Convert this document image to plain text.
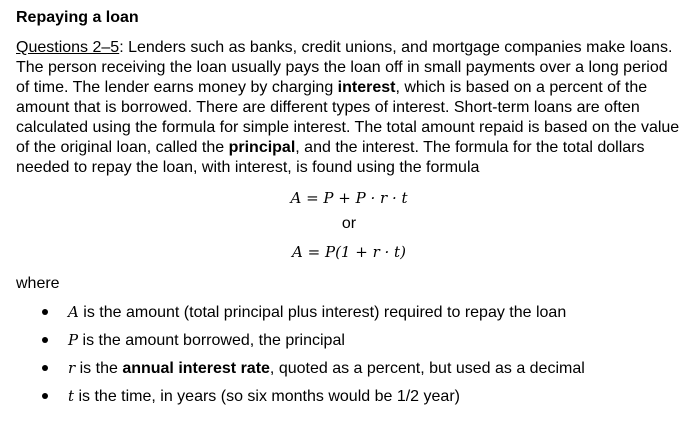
Repaying a loan

Questions 2–5: Lenders such as banks, credit unions, and mortgage companies make loans. The person receiving the loan usually pays the loan off in small payments over a long period of time. The lender earns money by charging interest, which is based on a percent of the amount that is borrowed. There are different types of interest. Short-term loans are often calculated using the formula for simple interest. The total amount repaid is based on the value of the original loan, called the principal, and the interest. The formula for the total dollars needed to repay the loan, with interest, is found using the formula

A = P + P · r · t

or

A = P(1 + r · t)

where

A is the amount (total principal plus interest) required to repay the loan
P is the amount borrowed, the principal
r is the annual interest rate, quoted as a percent, but used as a decimal
t is the time, in years (so six months would be 1/2 year)
